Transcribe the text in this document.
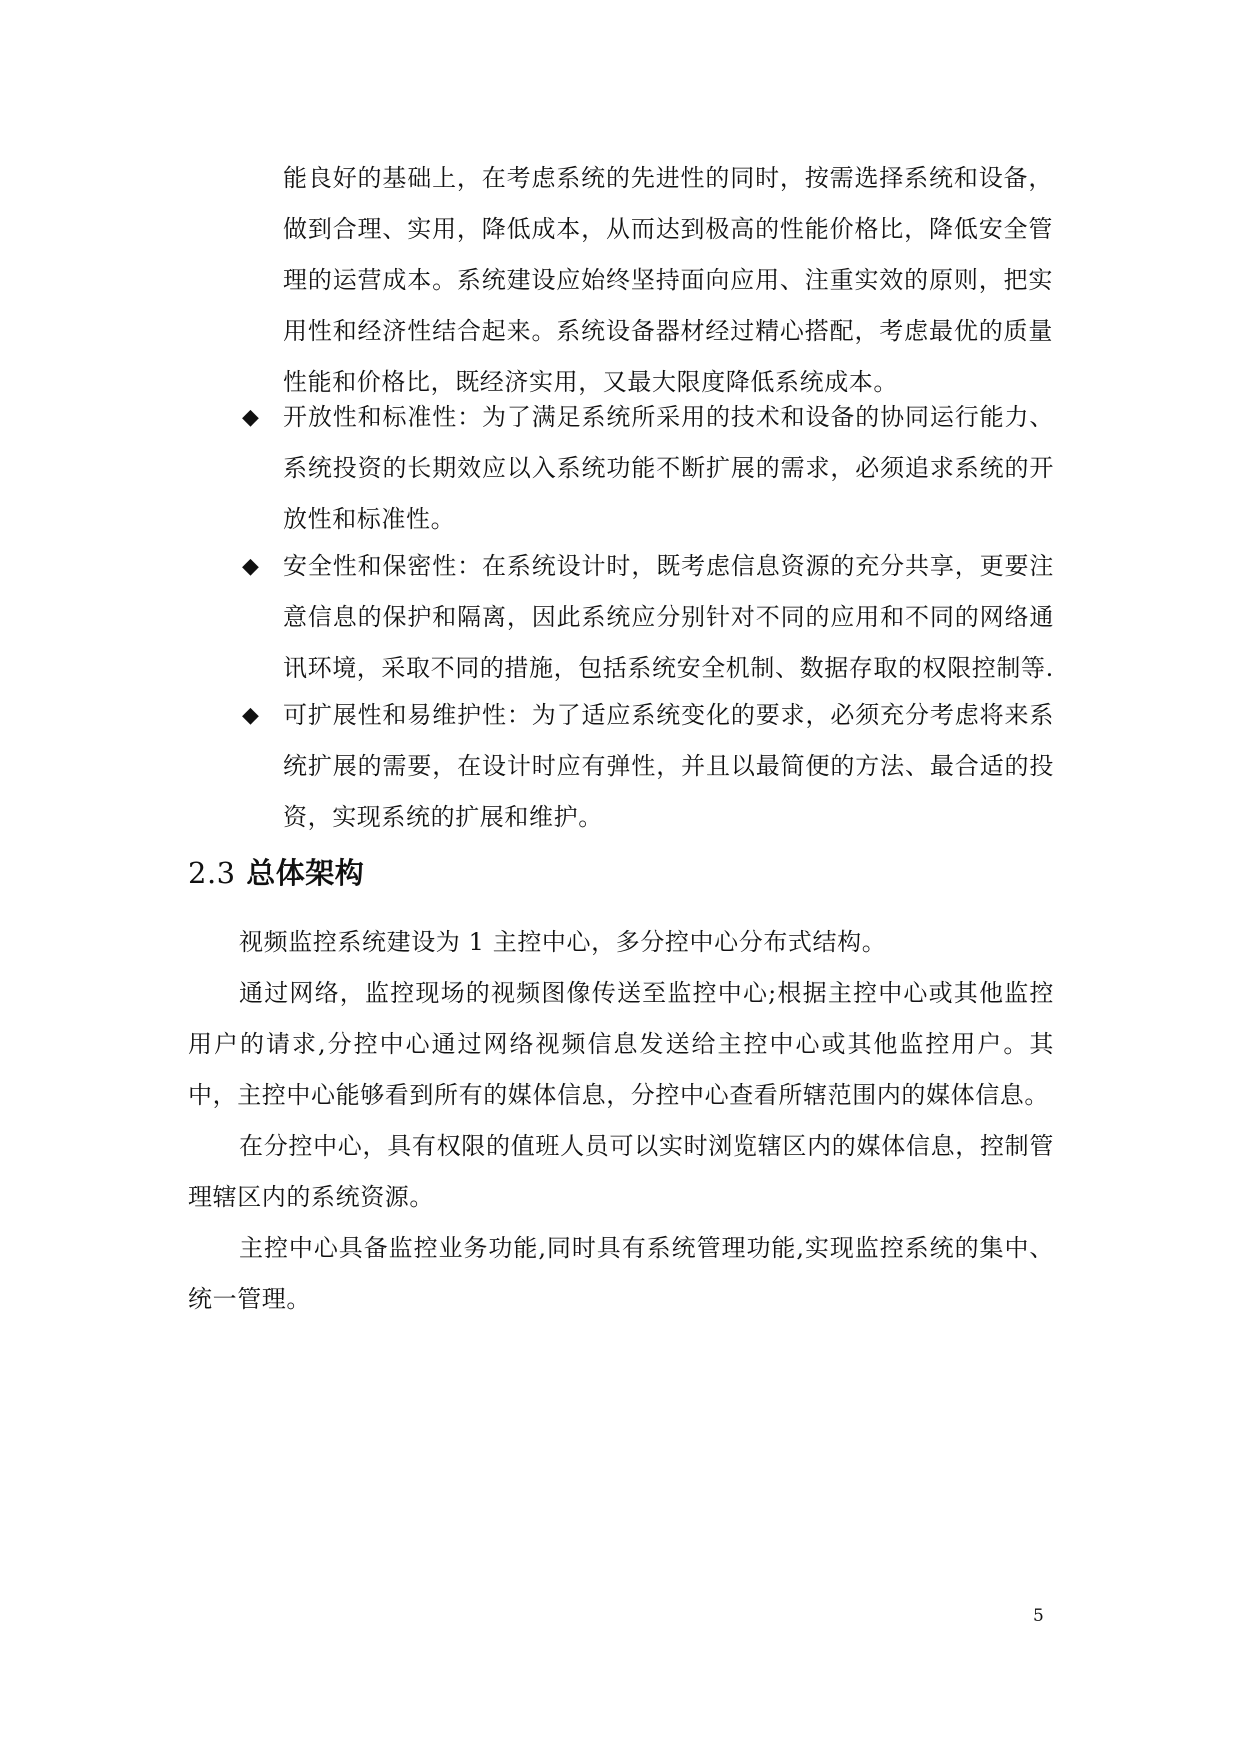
能良好的基础上，在考虑系统的先进性的同时，按需选择系统和设备，做到合理、实用，降低成本，从而达到极高的性能价格比，降低安全管理的运营成本。系统建设应始终坚持面向应用、注重实效的原则，把实用性和经济性结合起来。系统设备器材经过精心搭配，考虑最优的质量性能和价格比，既经济实用，又最大限度降低系统成本。

◆ 开放性和标准性：为了满足系统所采用的技术和设备的协同运行能力、系统投资的长期效应以入系统功能不断扩展的需求，必须追求系统的开放性和标准性。
◆ 安全性和保密性：在系统设计时，既考虑信息资源的充分共享，更要注意信息的保护和隔离，因此系统应分别针对不同的应用和不同的网络通讯环境，采取不同的措施，包括系统安全机制、数据存取的权限控制等.
◆ 可扩展性和易维护性：为了适应系统变化的要求，必须充分考虑将来系统扩展的需要，在设计时应有弹性，并且以最简便的方法、最合适的投资，实现系统的扩展和维护。
2.3 总体架构

视频监控系统建设为 1 主控中心，多分控中心分布式结构。

通过网络，监控现场的视频图像传送至监控中心;根据主控中心或其他监控用户的请求,分控中心通过网络视频信息发送给主控中心或其他监控用户。其中，主控中心能够看到所有的媒体信息，分控中心查看所辖范围内的媒体信息。

在分控中心，具有权限的值班人员可以实时浏览辖区内的媒体信息，控制管理辖区内的系统资源。

主控中心具备监控业务功能,同时具有系统管理功能,实现监控系统的集中、统一管理。

5
